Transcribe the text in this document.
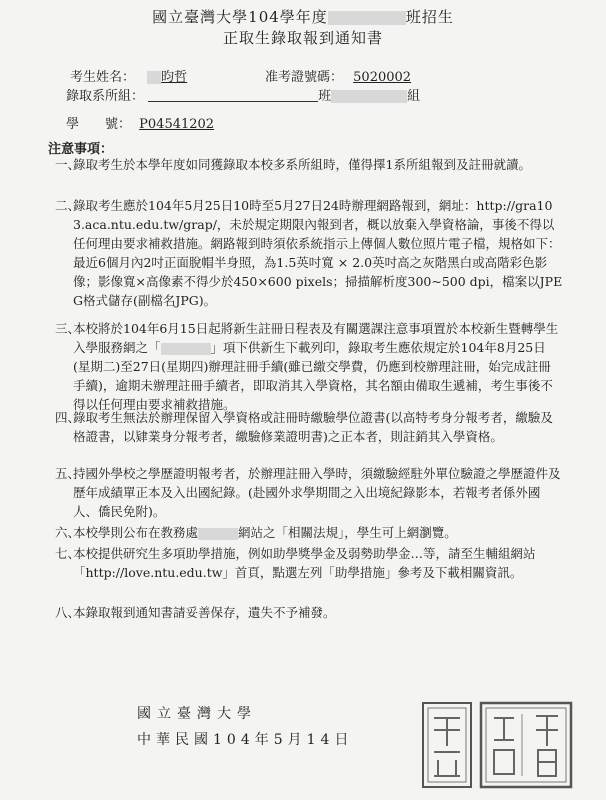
國立臺灣大學104學年度	班招生
正取生錄取報到通知書
考生姓名： 昀哲	准考證號碼： 5020002
錄取系所組：	班	組
學　　號： P04541202
注意事項：
一、
錄取考生於本學年度如同獲錄取本校多系所組時，僅得擇1系所組報到及註冊就讀。
二、
錄取考生應於104年5月25日10時至5月27日24時辦理網路報到，網址：http://gra103.aca.ntu.edu.tw/grap/，未於規定期限內報到者，概以放棄入學資格論，事後不得以任何理由要求補救措施。網路報到時須依系統指示上傳個人數位照片電子檔，規格如下：最近6個月內2吋正面脫帽半身照，為1.5英吋寬 × 2.0英吋高之灰階黑白或高階彩色影像；影像寬×高像素不得少於450×600 pixels；掃描解析度300~500 dpi，檔案以JPEG格式儲存(副檔名JPG)。
三、
本校將於104年6月15日起將新生註冊日程表及有關選課注意事項置於本校新生暨轉學生入學服務網之「	」項下供新生下載列印，錄取考生應依規定於104年8月25日(星期二)至27日(星期四)辦理註冊手續(雖已繳交學費，仍應到校辦理註冊，始完成註冊手續)，逾期未辦理註冊手續者，即取消其入學資格，其名額由備取生遞補，考生事後不得以任何理由要求補救措施。
四、
錄取考生無法於辦理保留入學資格或註冊時繳驗學位證書(以高特考身分報考者，繳驗及格證書，以肄業身分報考者，繳驗修業證明書)之正本者，則註銷其入學資格。
五、
持國外學校之學歷證明報考者，於辦理註冊入學時，須繳驗經駐外單位驗證之學歷證件及歷年成績單正本及入出國紀錄。(赴國外求學期間之入出境紀錄影本，若報考者係外國人、僑民免附)。
六、
本校學則公布在教務處	網站之「相關法規」，學生可上網瀏覽。
七、
本校提供研究生多項助學措施，例如助學獎學金及弱勢助學金…等，請至生輔組網站「http://love.ntu.edu.tw」首頁，點選左列「助學措施」參考及下載相關資訊。
八、
本錄取報到通知書請妥善保存，遺失不予補發。
國立臺灣大學
中華民國104年5月14日
